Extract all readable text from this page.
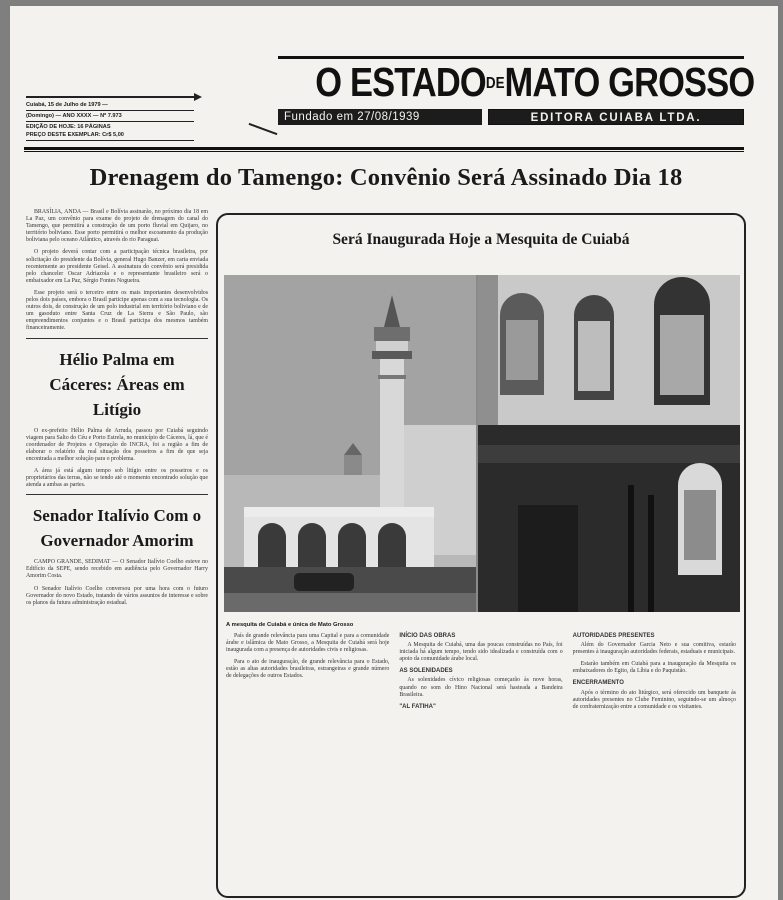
Cuiabá, 15 de Julho de 1979 —
(Domingo) — ANO XXXX — Nº 7.973
EDIÇÃO DE HOJE: 16 PÁGINAS
PREÇO DESTE EXEMPLAR: Cr$ 5,00
O ESTADODEMATO GROSSO
Fundado em 27/08/1939	EDITORA CUIABA LTDA.
Drenagem do Tamengo: Convênio Será Assinado Dia 18

BRASÍLIA, ANDA — Brasil e Bolívia assinarão, no próximo dia 18 em La Paz, um convênio para exame do projeto de drenagem do canal do Tamengo, que permitirá a construção de um porto fluvial em Quijaro, no território boliviano. Esse porto permitirá o melhor escoamento da produção boliviana pelo oceano Atlântico, através do rio Paraguai.

O projeto deverá contar com a participação técnica brasileira, por solicitação do presidente da Bolívia, general Hugo Banzer, em carta enviada recentemente ao presidente Geisel. A assinatura do convênio será presidida pelo chanceler Oscar Adriazola e o representante brasileiro será o embaixador em La Paz, Sérgio Fontes Nogueira.

Esse projeto será o terceiro entre os mais importantes desenvolvidos pelos dois países, embora o Brasil participe apenas com a sua tecnologia. Os outros dois, de construção de um polo industrial em território boliviano e de um gasoduto entre Santa Cruz de La Sierra e São Paulo, são empreendimentos conjuntos e o Brasil participa dos mesmos também financeiramente.

Hélio Palma em Cáceres: Áreas em Litígio

O ex-prefeito Hélio Palma de Arruda, passou por Cuiabá seguindo viagem para Salto do Céu e Porto Estrela, no município de Cáceres, lá, que é coordenador de Projetos e Operação do INCRA, foi a região a fim de elaborar o relatório da real situação dos posseiros a fim de que seja encontrada a melhor solução para o problema.

A área já está algum tempo sob litígio entre os posseiros e os proprietários das terras, não se tendo até o momento encontrado solução que atenda a ambas as partes.

Senador Italívio Com o Governador Amorim

CAMPO GRANDE, SEDIMAT — O Senador Italívio Coelho esteve no Edifício da SEPE, sendo recebido em audiência pelo Governador Harry Amorim Costa.

O Senador Italívio Coelho conversou por uma hora com o futuro Governador do novo Estado, tratando de vários assuntos de interesse e sobre os planos da futura administração estadual.

Será Inaugurada Hoje a Mesquita de Cuiabá
A mesquita de Cuiabá e única de Mato Grosso

País de grande relevância para uma Capital e para a comunidade árabe e islâmica de Mato Grosso, a Mesquita de Cuiabá será hoje inaugurada com a presença de autoridades civis e religiosas.

Para o ato de inauguração, de grande relevância para o Estado, estão as altas autoridades brasileiras, estrangeiras e grande número de delegações de outros Estados.

INÍCIO DAS OBRAS

A Mesquita de Cuiabá, uma das poucas construídas no País, foi iniciada há algum tempo, tendo sido idealizada e construída com o apoio da comunidade árabe local.

AS SOLENIDADES

As solenidades cívico religiosas começarão às nove horas, quando no som do Hino Nacional será hasteada a Bandeira Brasileira.

"AL FATIHA"
AUTORIDADES PRESENTES

Além do Governador Garcia Neto e sua comitiva, estarão presentes à inauguração autoridades federais, estaduais e municipais.

Estarão também em Cuiabá para a inauguração da Mesquita os embaixadores do Egito, da Líbia e do Paquistão.

ENCERRAMENTO

Após o término do ato litúrgico, será oferecido um banquete às autoridades presentes no Clube Feminino, seguindo-se um almoço de confraternização entre a comunidade e os visitantes.
